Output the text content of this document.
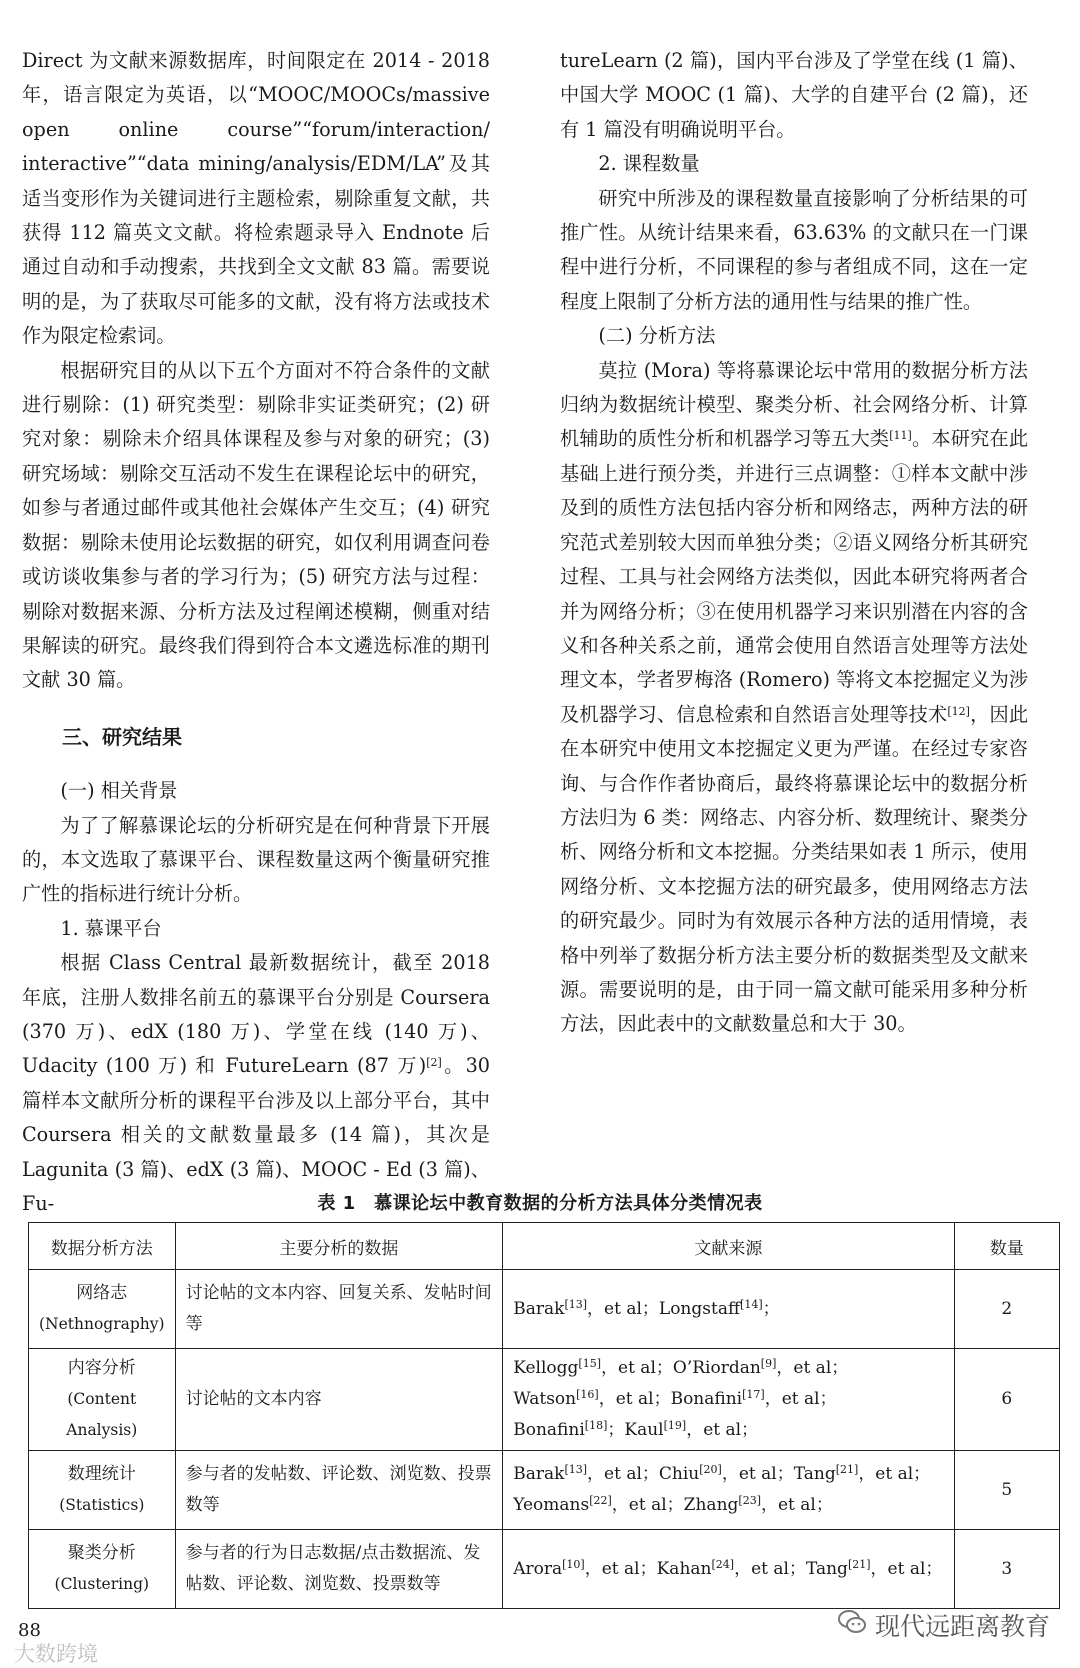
Direct 为文献来源数据库，时间限定在 2014 - 2018 年，语言限定为英语，以“MOOC/MOOCs/massive open online course”“forum/interaction/ interactive”“data mining/analysis/EDM/LA”及其适当变形作为关键词进行主题检索，剔除重复文献，共获得 112 篇英文文献。将检索题录导入 Endnote 后通过自动和手动搜索，共找到全文文献 83 篇。需要说明的是，为了获取尽可能多的文献，没有将方法或技术作为限定检索词。

根据研究目的从以下五个方面对不符合条件的文献进行剔除：(1) 研究类型：剔除非实证类研究；(2) 研究对象：剔除未介绍具体课程及参与对象的研究；(3) 研究场域：剔除交互活动不发生在课程论坛中的研究，如参与者通过邮件或其他社会媒体产生交互；(4) 研究数据：剔除未使用论坛数据的研究，如仅利用调查问卷或访谈收集参与者的学习行为；(5) 研究方法与过程：剔除对数据来源、分析方法及过程阐述模糊，侧重对结果解读的研究。最终我们得到符合本文遴选标准的期刊文献 30 篇。

三、研究结果
(一) 相关背景

为了了解慕课论坛的分析研究是在何种背景下开展的，本文选取了慕课平台、课程数量这两个衡量研究推广性的指标进行统计分析。

1. 慕课平台

根据 Class Central 最新数据统计，截至 2018 年底，注册人数排名前五的慕课平台分别是 Coursera (370 万)、edX (180 万)、学堂在线 (140 万)、Udacity (100 万) 和 FutureLearn (87 万)[2]。30 篇样本文献所分析的课程平台涉及以上部分平台，其中 Coursera 相关的文献数量最多 (14 篇)，其次是 Lagunita (3 篇)、edX (3 篇)、MOOC - Ed (3 篇)、Fu-

tureLearn (2 篇)，国内平台涉及了学堂在线 (1 篇)、中国大学 MOOC (1 篇)、大学的自建平台 (2 篇)，还有 1 篇没有明确说明平台。

2. 课程数量

研究中所涉及的课程数量直接影响了分析结果的可推广性。从统计结果来看，63.63% 的文献只在一门课程中进行分析，不同课程的参与者组成不同，这在一定程度上限制了分析方法的通用性与结果的推广性。

(二) 分析方法

莫拉 (Mora) 等将慕课论坛中常用的数据分析方法归纳为数据统计模型、聚类分析、社会网络分析、计算机辅助的质性分析和机器学习等五大类[11]。本研究在此基础上进行预分类，并进行三点调整：①样本文献中涉及到的质性方法包括内容分析和网络志，两种方法的研究范式差别较大因而单独分类；②语义网络分析其研究过程、工具与社会网络方法类似，因此本研究将两者合并为网络分析；③在使用机器学习来识别潜在内容的含义和各种关系之前，通常会使用自然语言处理等方法处理文本，学者罗梅洛 (Romero) 等将文本挖掘定义为涉及机器学习、信息检索和自然语言处理等技术[12]，因此在本研究中使用文本挖掘定义更为严谨。在经过专家咨询、与合作作者协商后，最终将慕课论坛中的数据分析方法归为 6 类：网络志、内容分析、数理统计、聚类分析、网络分析和文本挖掘。分类结果如表 1 所示，使用网络分析、文本挖掘方法的研究最多，使用网络志方法的研究最少。同时为有效展示各种方法的适用情境，表格中列举了数据分析方法主要分析的数据类型及文献来源。需要说明的是，由于同一篇文献可能采用多种分析方法，因此表中的文献数量总和大于 30。

表 1　慕课论坛中教育数据的分析方法具体分类情况表
数据分析方法	主要分析的数据	文献来源	数量

网络志
(Nethnography)	讨论帖的文本内容、回复关系、发帖时间等	Barak[13]，et al；Longstaff[14]；	2

内容分析
(Content Analysis)	讨论帖的文本内容	Kellogg[15]，et al；O’Riordan[9]，et al；Watson[16]，et al；Bonafini[17]，et al；Bonafini[18]；Kaul[19]，et al；	6

数理统计
(Statistics)	参与者的发帖数、评论数、浏览数、投票数等	Barak[13]，et al；Chiu[20]，et al；Tang[21]，et al；Yeomans[22]，et al；Zhang[23]，et al；	5

聚类分析
(Clustering)	参与者的行为日志数据/点击数据流、发帖数、评论数、浏览数、投票数等	Arora[10]，et al；Kahan[24]，et al；Tang[21]，et al；	3
88
大数跨境
现代远距离教育
